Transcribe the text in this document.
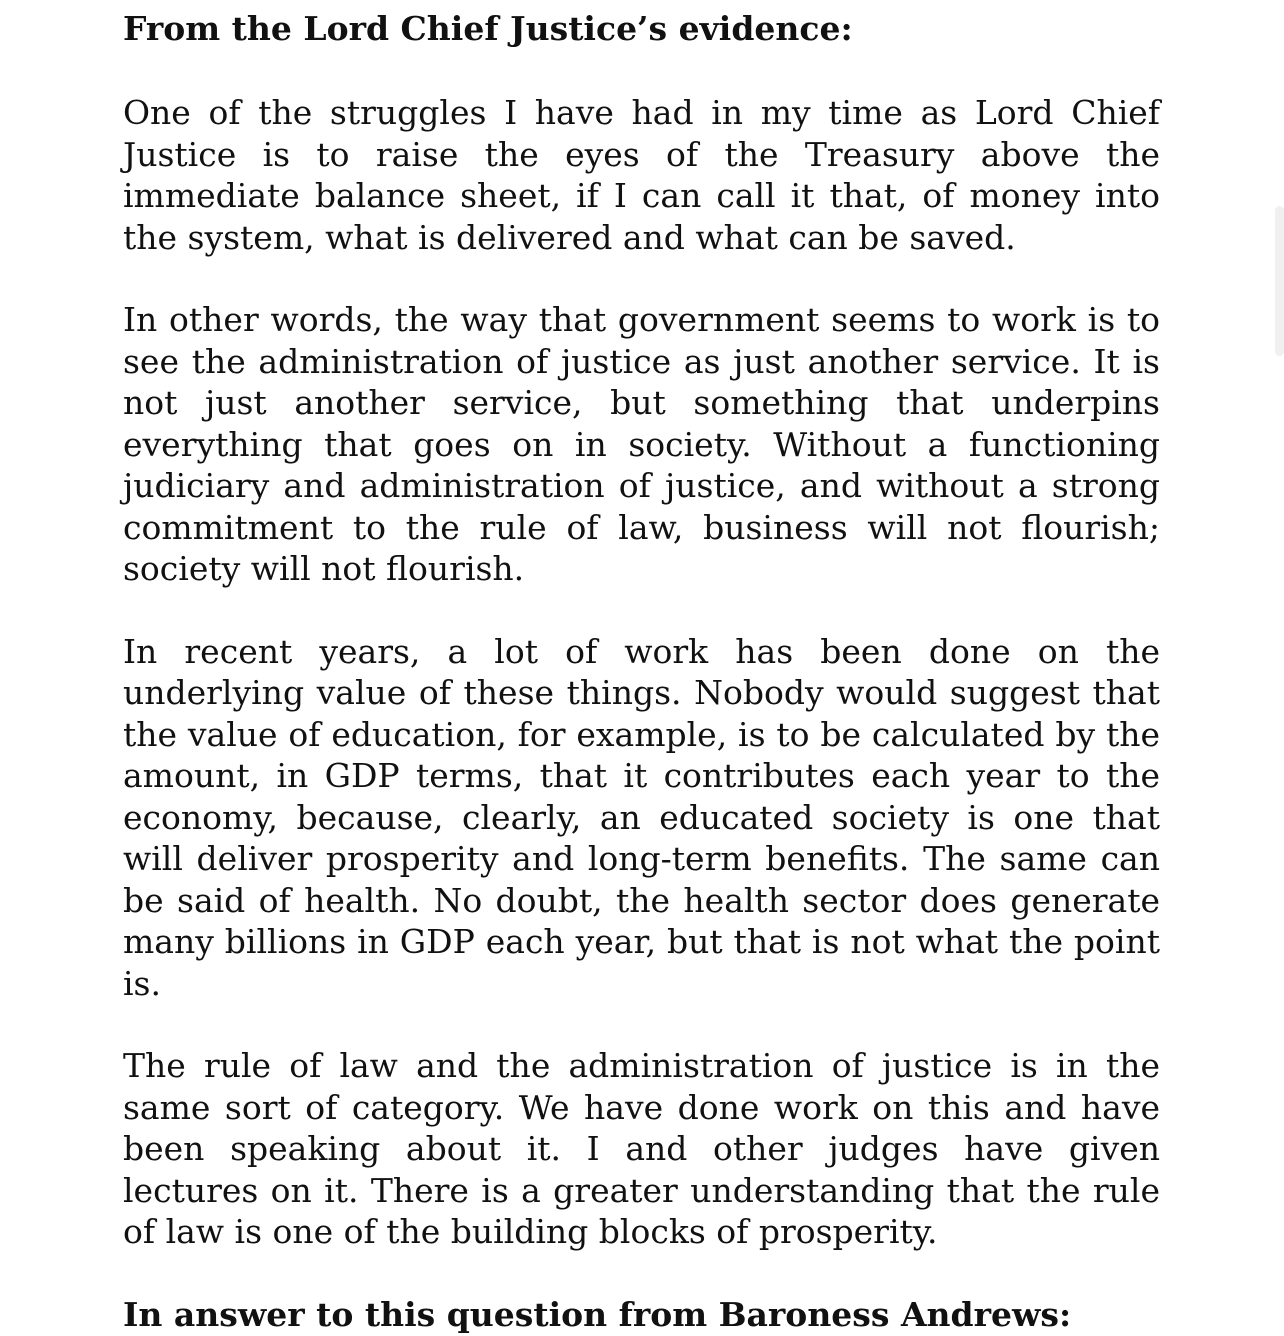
From the Lord Chief Justice’s evidence:

One of the struggles I have had in my time as Lord Chief Justice is to raise the eyes of the Treasury above the immediate balance sheet, if I can call it that, of money into the system, what is delivered and what can be saved.

In other words, the way that government seems to work is to see the administration of justice as just another service. It is not just another service, but something that underpins everything that goes on in society. Without a functioning judiciary and administration of justice, and without a strong commitment to the rule of law, business will not flourish; society will not flourish.

In recent years, a lot of work has been done on the underlying value of these things. Nobody would suggest that the value of education, for example, is to be calculated by the amount, in GDP terms, that it contributes each year to the economy, because, clearly, an educated society is one that will deliver prosperity and long-term benefits. The same can be said of health. No doubt, the health sector does generate many billions in GDP each year, but that is not what the point is.

The rule of law and the administration of justice is in the same sort of category. We have done work on this and have been speaking about it. I and other judges have given lectures on it. There is a greater understanding that the rule of law is one of the building blocks of prosperity.

In answer to this question from Baroness Andrews:
